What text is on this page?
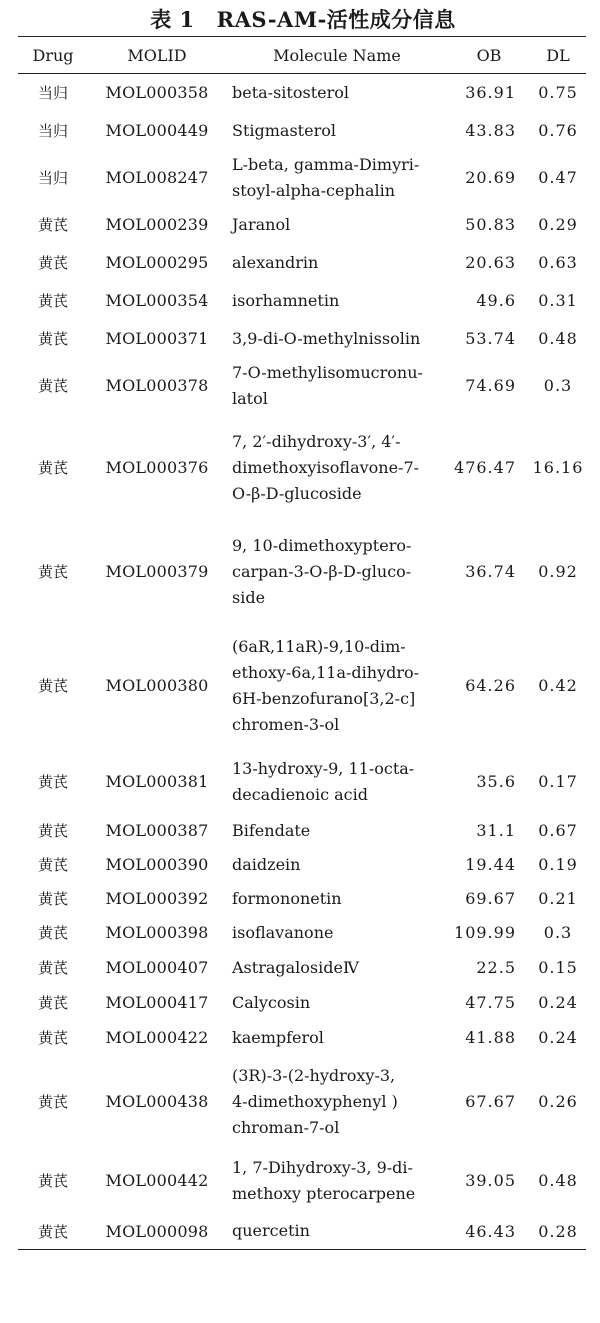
表 1 RAS-AM-活性成分信息
Drug	MOLID	Molecule Name	OB	DL
当归	MOL000358	beta-sitosterol	36.91	0.75
当归	MOL000449	Stigmasterol	43.83	0.76
当归	MOL008247	L-beta, gamma-Dimyri-
stoyl-alpha-cephalin	20.69	0.47
黄芪	MOL000239	Jaranol	50.83	0.29
黄芪	MOL000295	alexandrin	20.63	0.63
黄芪	MOL000354	isorhamnetin	49.6	0.31
黄芪	MOL000371	3,9-di-O-methylnissolin	53.74	0.48
黄芪	MOL000378	7-O-methylisomucronu-
latol	74.69	0.3
黄芪	MOL000376	7, 2′-dihydroxy-3′, 4′-
dimethoxyisoflavone-7-
O-β-D-glucoside	476.47	16.16
黄芪	MOL000379	9, 10-dimethoxyptero-
carpan-3-O-β-D-gluco-
side	36.74	0.92
黄芪	MOL000380	(6aR,11aR)-9,10-dim-
ethoxy-6a,11a-dihydro-
6H-benzofurano[3,2-c]
chromen-3-ol	64.26	0.42
黄芪	MOL000381	13-hydroxy-9, 11-octa-
decadienoic acid	35.6	0.17
黄芪	MOL000387	Bifendate	31.1	0.67
黄芪	MOL000390	daidzein	19.44	0.19
黄芪	MOL000392	formononetin	69.67	0.21
黄芪	MOL000398	isoflavanone	109.99	0.3
黄芪	MOL000407	AstragalosideⅣ	22.5	0.15
黄芪	MOL000417	Calycosin	47.75	0.24
黄芪	MOL000422	kaempferol	41.88	0.24
黄芪	MOL000438	(3R)-3-(2-hydroxy-3,
4-dimethoxyphenyl )
chroman-7-ol	67.67	0.26
黄芪	MOL000442	1, 7-Dihydroxy-3, 9-di-
methoxy pterocarpene	39.05	0.48
黄芪	MOL000098	quercetin	46.43	0.28
